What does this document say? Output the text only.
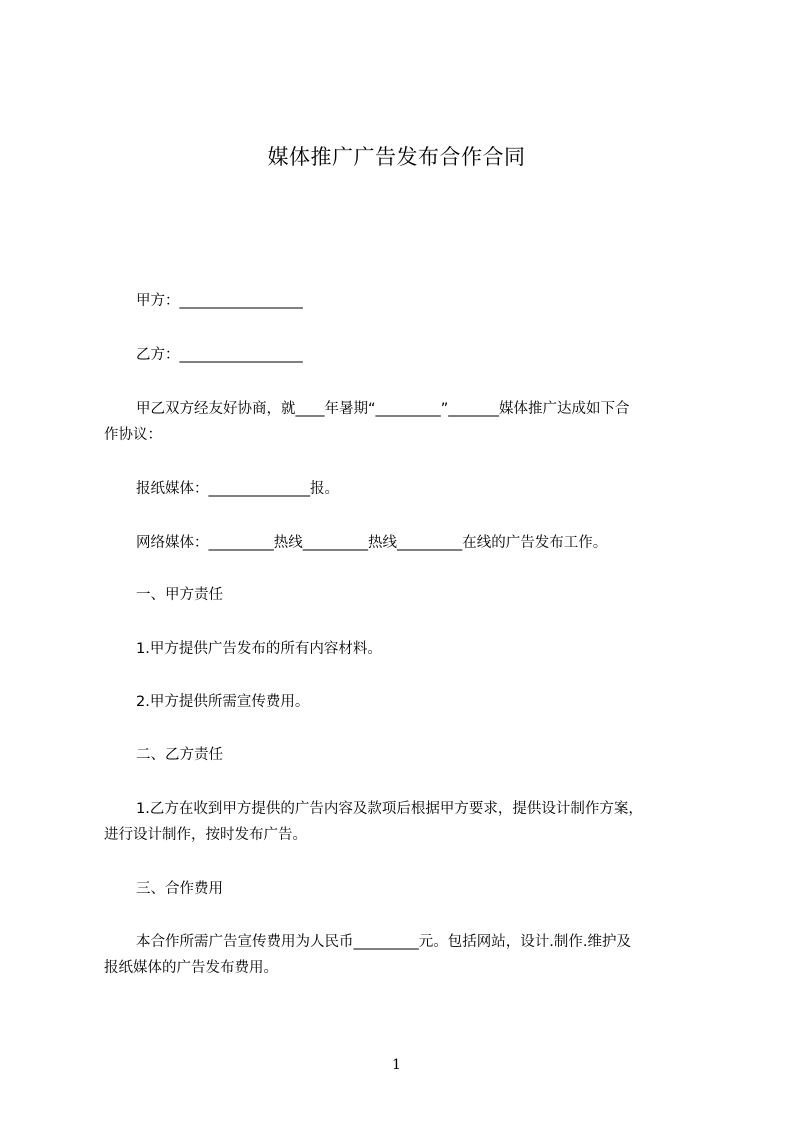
媒体推广广告发布合作合同
甲方：_________________
乙方：_________________
甲乙双方经友好协商，就____年暑期“_________”_______媒体推广达成如下合
作协议：
报纸媒体：______________报。
网络媒体：_________热线_________热线_________在线的广告发布工作。
一、甲方责任
1.甲方提供广告发布的所有内容材料。
2.甲方提供所需宣传费用。
二、乙方责任
1.乙方在收到甲方提供的广告内容及款项后根据甲方要求，提供设计制作方案，
进行设计制作，按时发布广告。
三、合作费用
本合作所需广告宣传费用为人民币_________元。包括网站，设计.制作.维护及
报纸媒体的广告发布费用。
1
